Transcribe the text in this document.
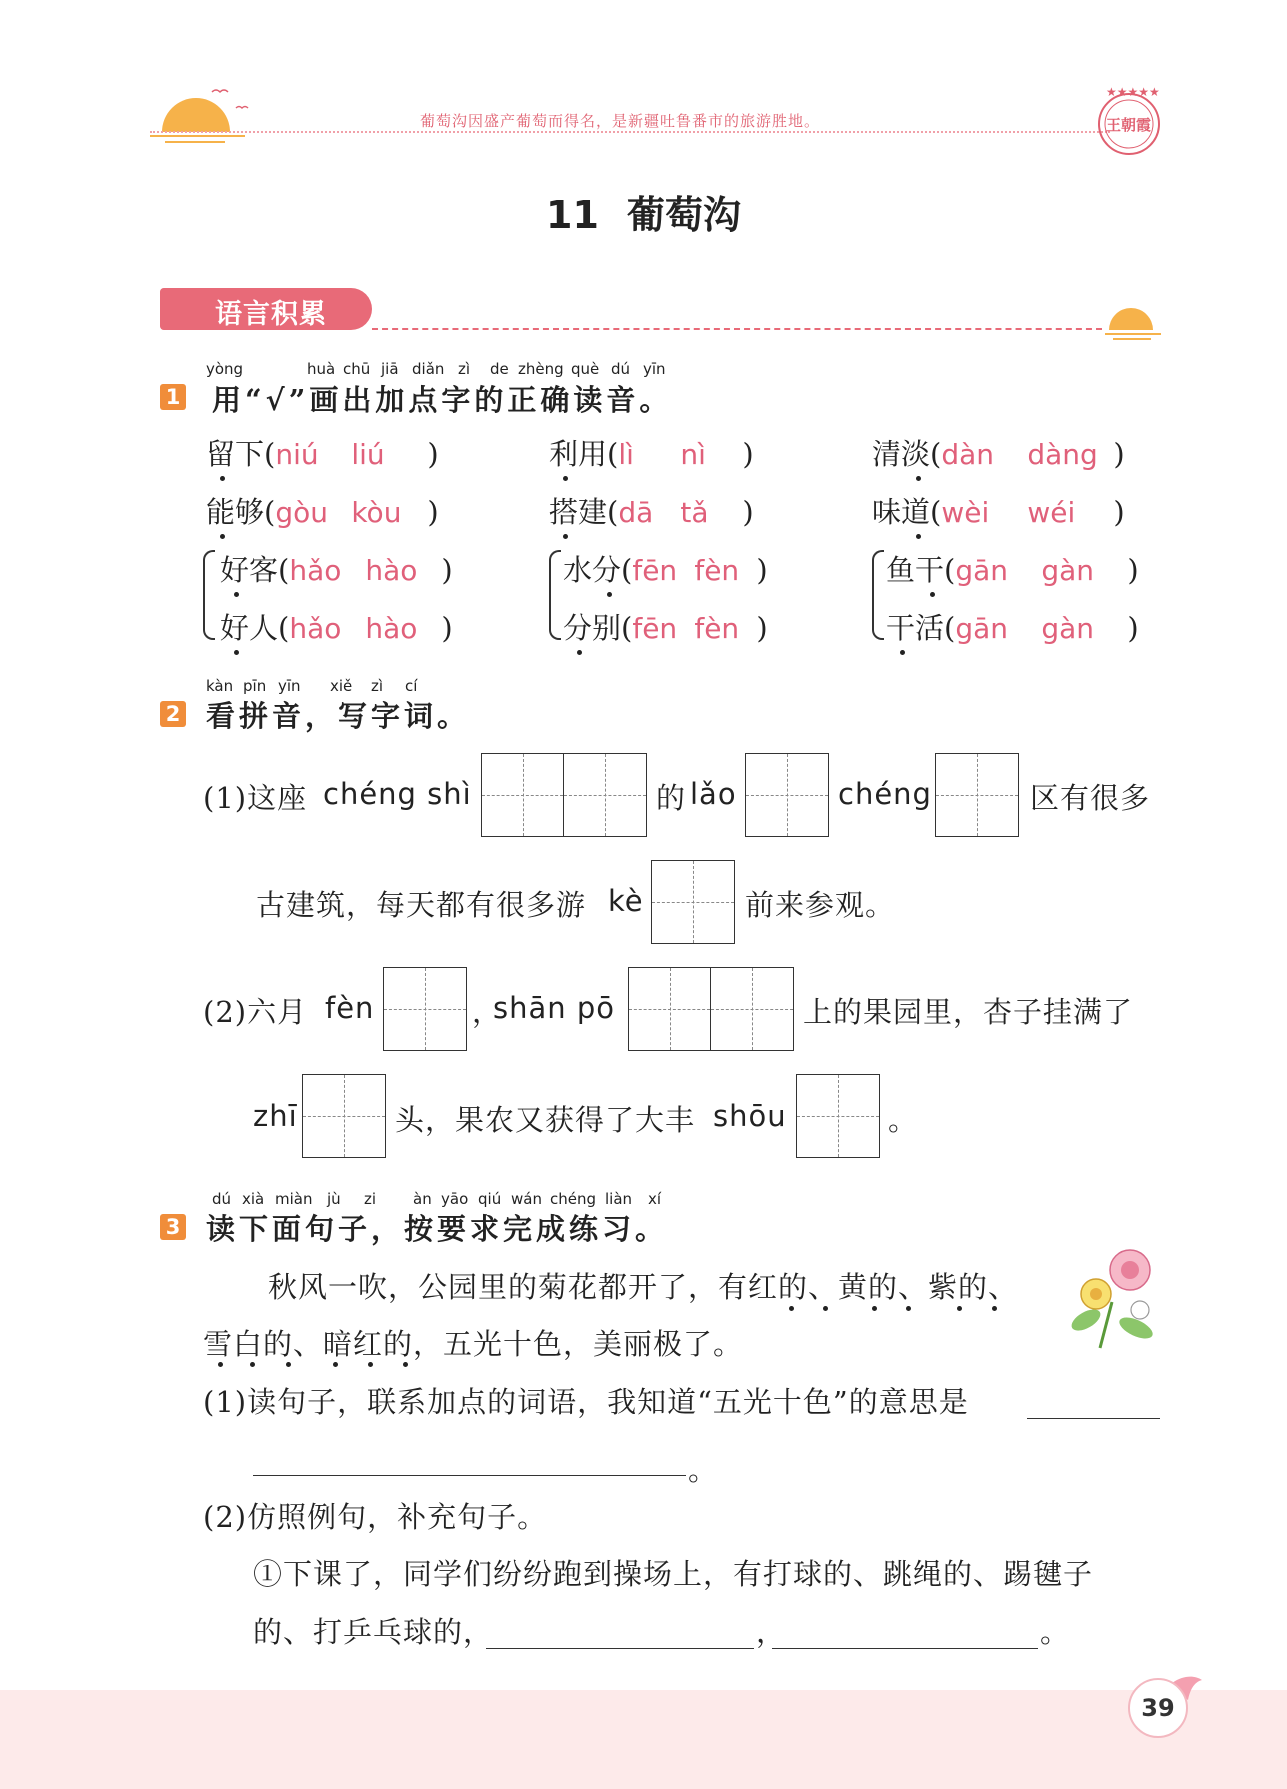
葡萄沟因盛产葡萄而得名，是新疆吐鲁番市的旅游胜地。
★★★★★
王朝霞
11 葡萄沟
语言积累
yòng	huà chū jiā diǎn zì de zhèng què dú yīn
1 用“√”画出加点字的正确读音。
留下(niú liú )	利用(lì nì )	清淡(dàn dàng )
能够(gòu kòu )	搭建(dā tǎ )	味道(wèi wéi )
好客(hǎo hào )	水分(fēn fèn )	鱼干(gān gàn )
好人(hǎo hào )	分别(fēn fèn )	干活(gān gàn )
kàn pīn yīn xiě zì cí
2 看拼音，写字词。
(1)这座 chéng shì	的 lǎo	chéng	区有很多
古建筑，每天都有很多游 kè	前来参观。
(2)六月 fèn	，
shān pō	上的果园里，杏子挂满了
zhī	头，果农又获得了大丰 shōu	。
dú xià miàn jù zi àn yāo qiú wán chéng liàn xí
3 读下面句子，按要求完成练习。
秋风一吹，公园里的菊花都开了，有红的、黄的、紫的、
雪白的、暗红的，五光十色，美丽极了。
(1)读句子，联系加点的词语，我知道“五光十色”的意思是
。
(2)仿照例句，补充句子。
①下课了，同学们纷纷跑到操场上，有打球的、跳绳的、踢毽子
的、打乒乓球的，	，	。
39
